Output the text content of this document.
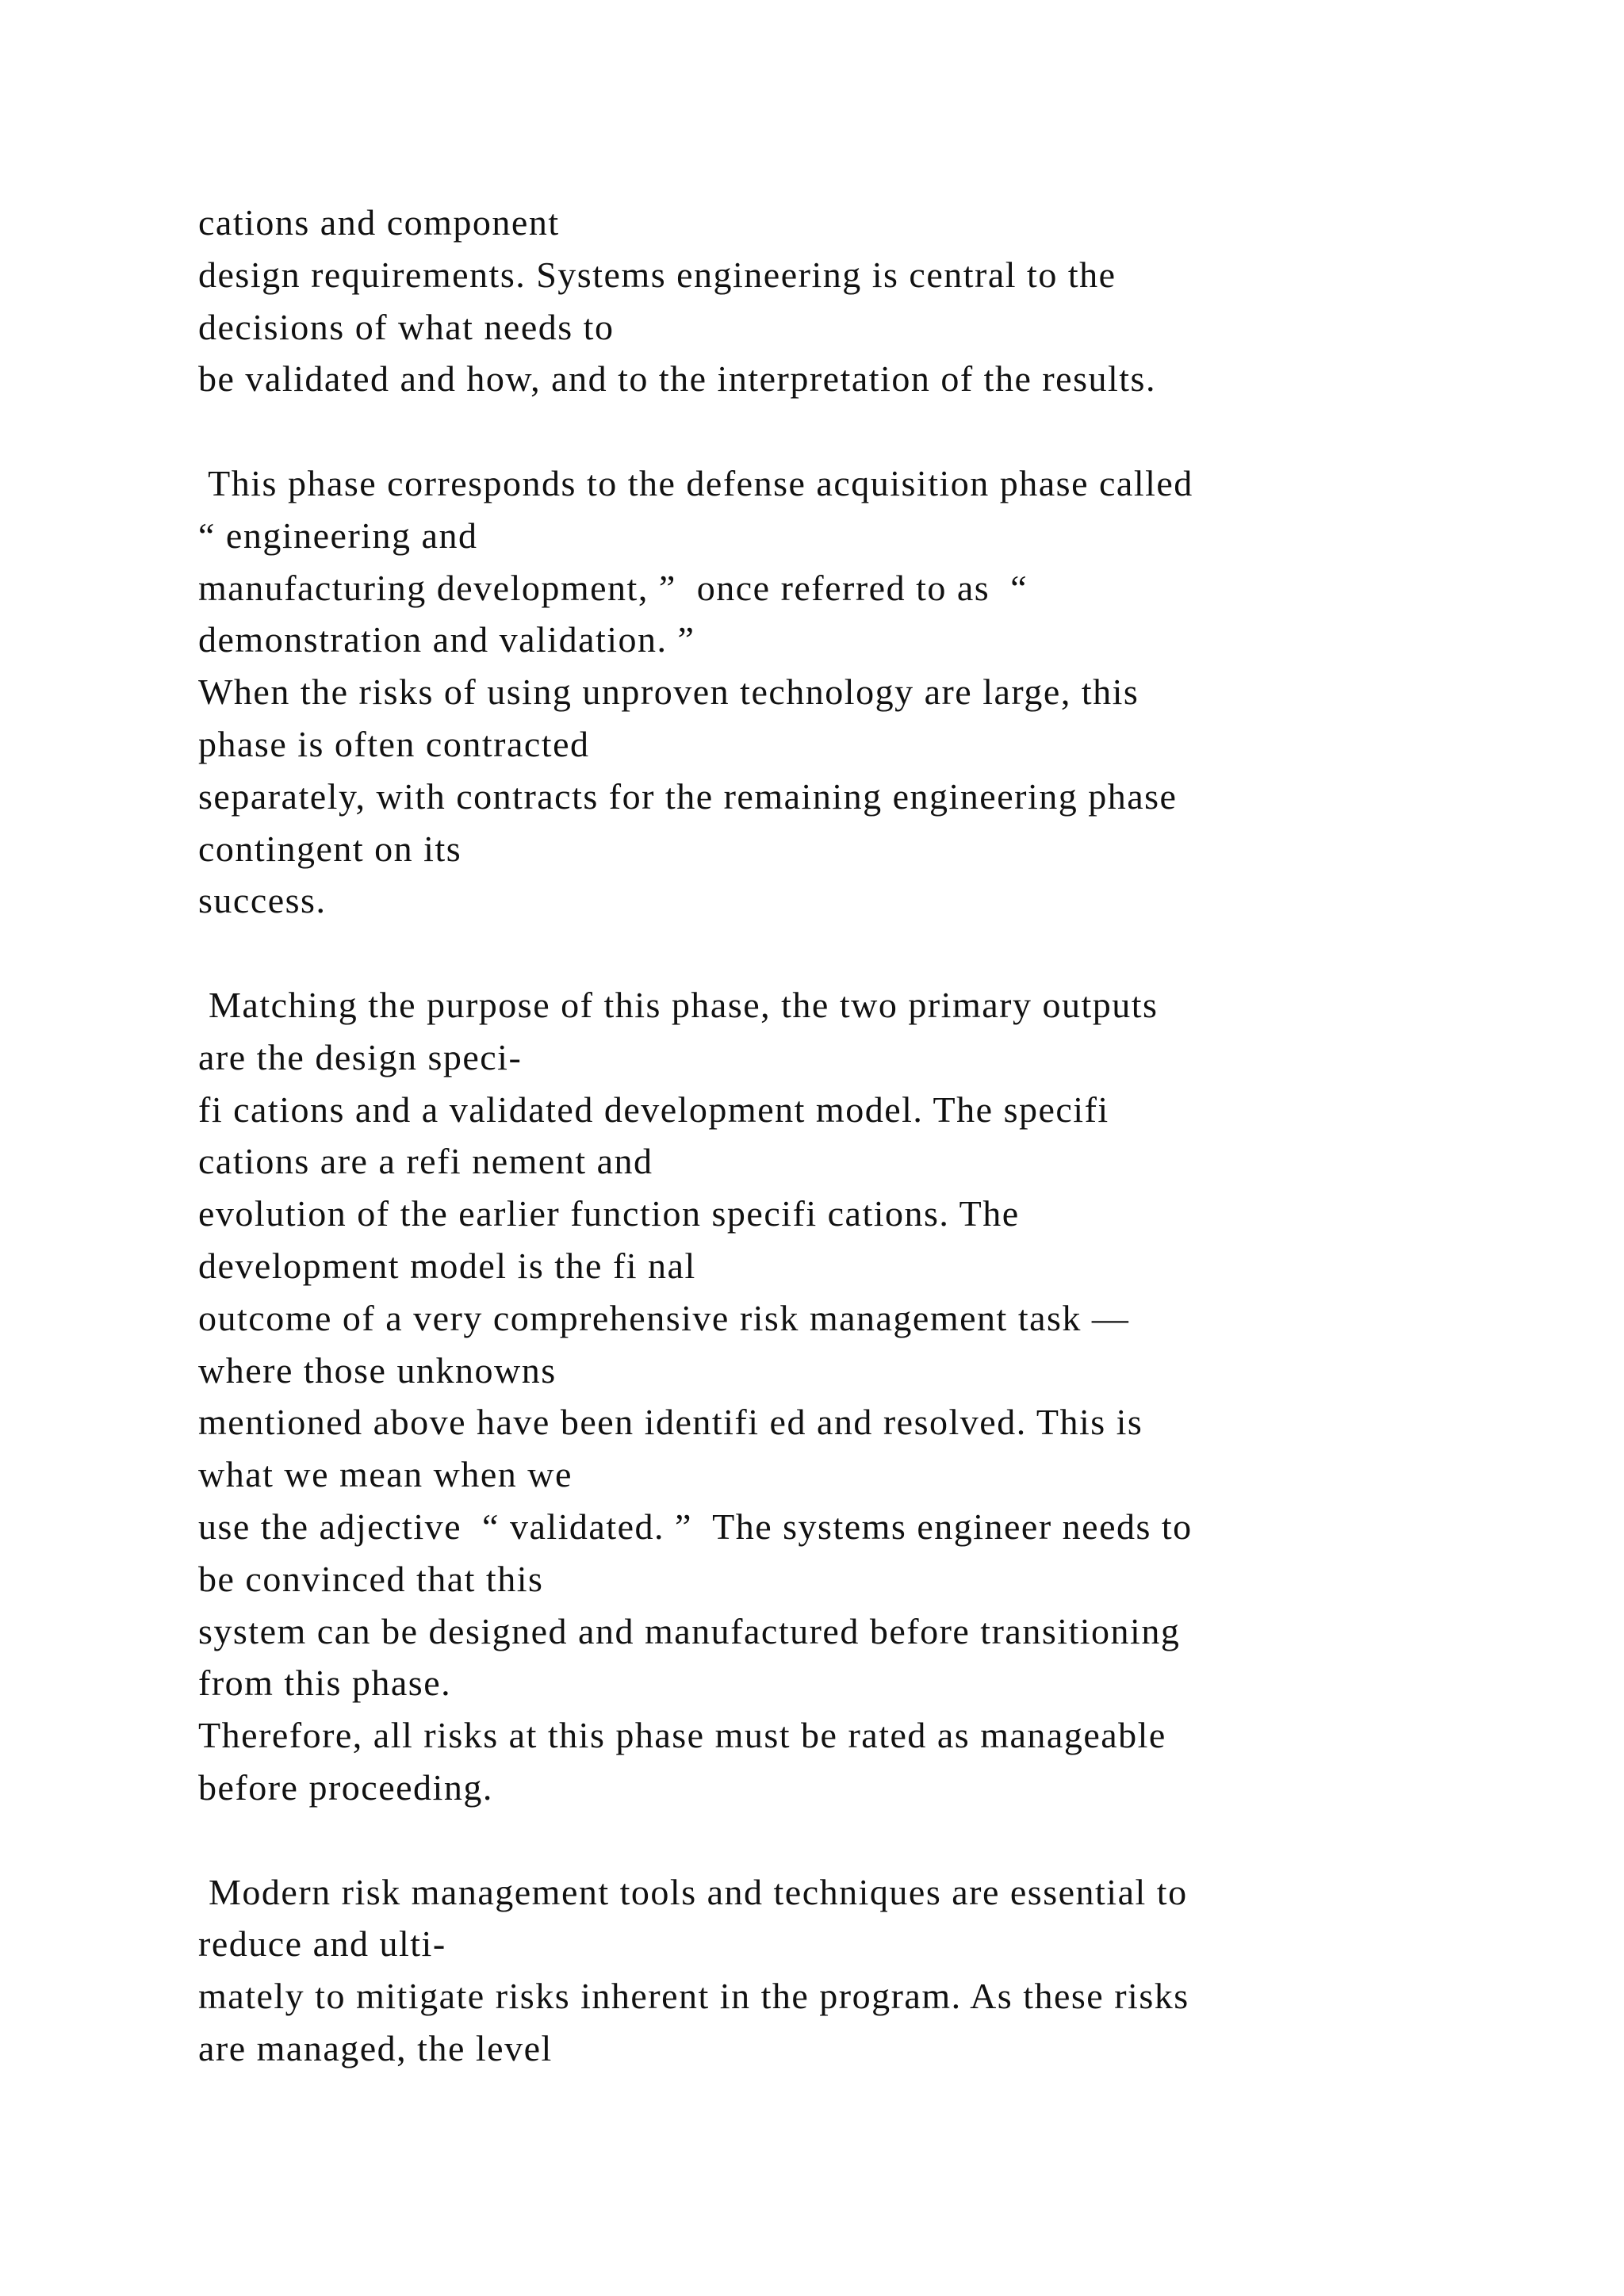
cations and component
design requirements. Systems engineering is central to the
decisions of what needs to
be validated and how, and to the interpretation of the results.
This phase corresponds to the defense acquisition phase called
“ engineering and
manufacturing development, ”  once referred to as  “
demonstration and validation. ”
When the risks of using unproven technology are large, this
phase is often contracted
separately, with contracts for the remaining engineering phase
contingent on its
success.
Matching the purpose of this phase, the two primary outputs
are the design speci-
fi cations and a validated development model. The specifi
cations are a refi nement and
evolution of the earlier function specifi cations. The
development model is the fi nal
outcome of a very comprehensive risk management task —
where those unknowns
mentioned above have been identifi ed and resolved. This is
what we mean when we
use the adjective  “ validated. ”  The systems engineer needs to
be convinced that this
system can be designed and manufactured before transitioning
from this phase.
Therefore, all risks at this phase must be rated as manageable
before proceeding.
Modern risk management tools and techniques are essential to
reduce and ulti-
mately to mitigate risks inherent in the program. As these risks
are managed, the level
